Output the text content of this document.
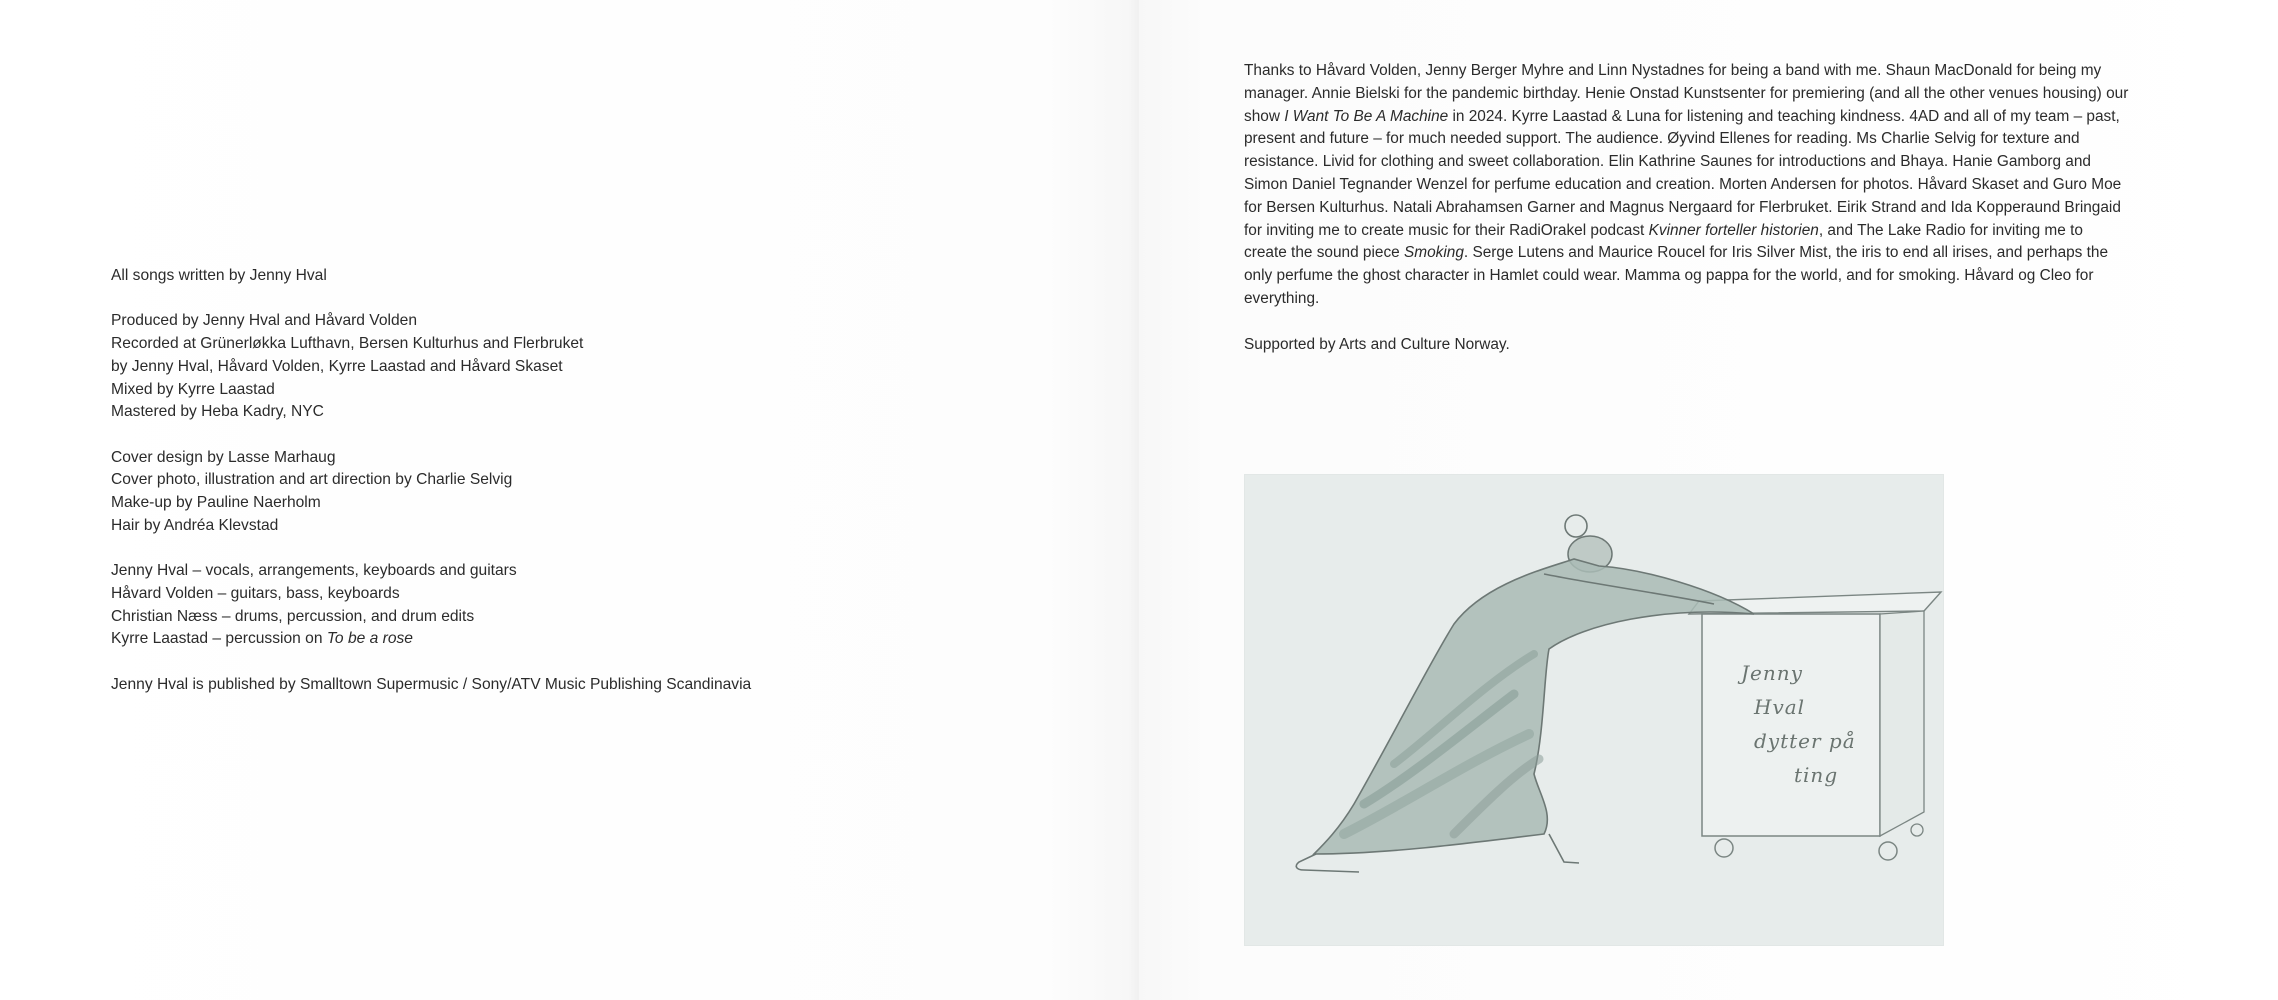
All songs written by Jenny Hval
Produced by Jenny Hval and Håvard Volden
Recorded at Grünerløkka Lufthavn, Bersen Kulturhus and Flerbruket
by Jenny Hval, Håvard Volden, Kyrre Laastad and Håvard Skaset
Mixed by Kyrre Laastad
Mastered by Heba Kadry, NYC
Cover design by Lasse Marhaug
Cover photo, illustration and art direction by Charlie Selvig
Make-up by Pauline Naerholm
Hair by Andréa Klevstad
Jenny Hval – vocals, arrangements, keyboards and guitars
Håvard Volden – guitars, bass, keyboards
Christian Næss – drums, percussion, and drum edits
Kyrre Laastad – percussion on To be a rose
Jenny Hval is published by Smalltown Supermusic / Sony/ATV Music Publishing Scandinavia

Thanks to Håvard Volden, Jenny Berger Myhre and Linn Nystadnes for being a band with me. Shaun MacDonald for being my manager. Annie Bielski for the pandemic birthday. Henie Onstad Kunstsenter for premiering (and all the other venues housing) our show I Want To Be A Machine in 2024. Kyrre Laastad & Luna for listening and teaching kindness. 4AD and all of my team – past, present and future – for much needed support. The audience. Øyvind Ellenes for reading. Ms Charlie Selvig for texture and resistance. Livid for clothing and sweet collaboration. Elin Kathrine Saunes for introductions and Bhaya. Hanie Gamborg and Simon Daniel Tegnander Wenzel for perfume education and creation. Morten Andersen for photos. Håvard Skaset and Guro Moe for Bersen Kulturhus. Natali Abrahamsen Garner and Magnus Nergaard for Flerbruket. Eirik Strand and Ida Kopperaund Bringaid for inviting me to create music for their RadiOrakel podcast Kvinner forteller historien, and The Lake Radio for inviting me to create the sound piece Smoking. Serge Lutens and Maurice Roucel for Iris Silver Mist, the iris to end all irises, and perhaps the only perfume the ghost character in Hamlet could wear. Mamma og pappa for the world, and for smoking. Håvard og Cleo for everything.

Supported by Arts and Culture Norway.

Jenny
Hval
dytter på
ting
